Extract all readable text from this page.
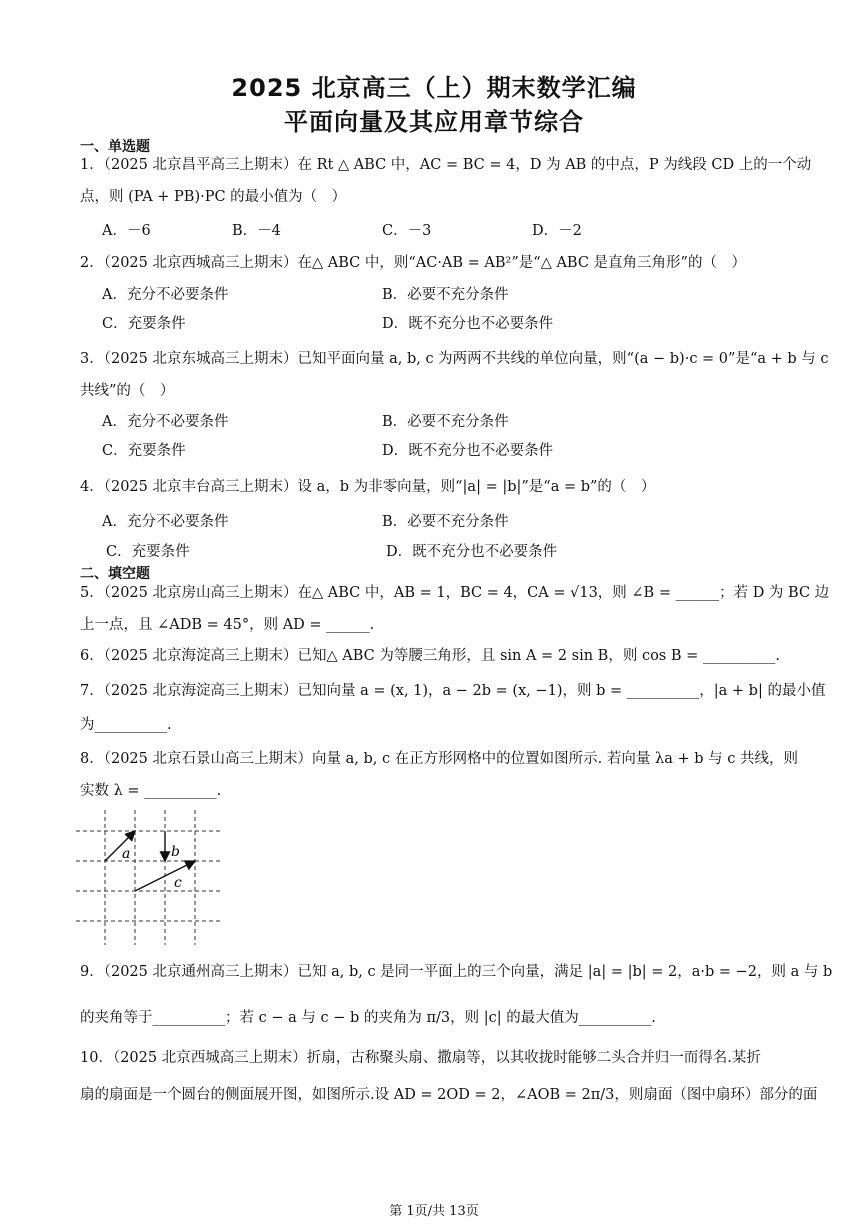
2025 北京高三（上）期末数学汇编
平面向量及其应用章节综合
一、单选题
1．（2025 北京昌平高三上期末）在 Rt △ ABC 中，AC = BC = 4，D 为 AB 的中点，P 为线段 CD 上的一个动
点，则 (PA + PB)·PC 的最小值为（　）
A．－6	B．－4	C．－3	D．－2
2．（2025 北京西城高三上期末）在△ ABC 中，则“AC·AB = AB²”是“△ ABC 是直角三角形”的（　）
A．充分不必要条件	B．必要不充分条件
C．充要条件	D．既不充分也不必要条件
3．（2025 北京东城高三上期末）已知平面向量 a, b, c 为两两不共线的单位向量，则“(a − b)·c = 0”是“a + b 与 c
共线”的（　）
A．充分不必要条件	B．必要不充分条件
C．充要条件	D．既不充分也不必要条件
4．（2025 北京丰台高三上期末）设 a，b 为非零向量，则“|a| = |b|”是“a = b”的（　）
A．充分不必要条件	B．必要不充分条件
C．充要条件	D．既不充分也不必要条件
二、填空题
5．（2025 北京房山高三上期末）在△ ABC 中，AB = 1，BC = 4，CA = √13，则 ∠B = ______；若 D 为 BC 边
上一点，且 ∠ADB = 45°，则 AD = ______.
6．（2025 北京海淀高三上期末）已知△ ABC 为等腰三角形，且 sin A = 2 sin B，则 cos B = __________.
7．（2025 北京海淀高三上期末）已知向量 a = (x, 1)，a − 2b = (x, −1)，则 b = __________，|a + b| 的最小值
为__________.
8．（2025 北京石景山高三上期末）向量 a, b, c 在正方形网格中的位置如图所示. 若向量 λa + b 与 c 共线，则
实数 λ = __________.
a	b
c
9．（2025 北京通州高三上期末）已知 a, b, c 是同一平面上的三个向量，满足 |a| = |b| = 2，a·b = −2，则 a 与 b
的夹角等于__________；若 c − a 与 c − b 的夹角为 π/3，则 |c| 的最大值为__________.
10．（2025 北京西城高三上期末）折扇，古称聚头扇、撒扇等，以其收拢时能够二头合并归一而得名.某折
扇的扇面是一个圆台的侧面展开图，如图所示.设 AD = 2OD = 2，∠AOB = 2π/3，则扇面（图中扇环）部分的面
第 1页/共 13页
